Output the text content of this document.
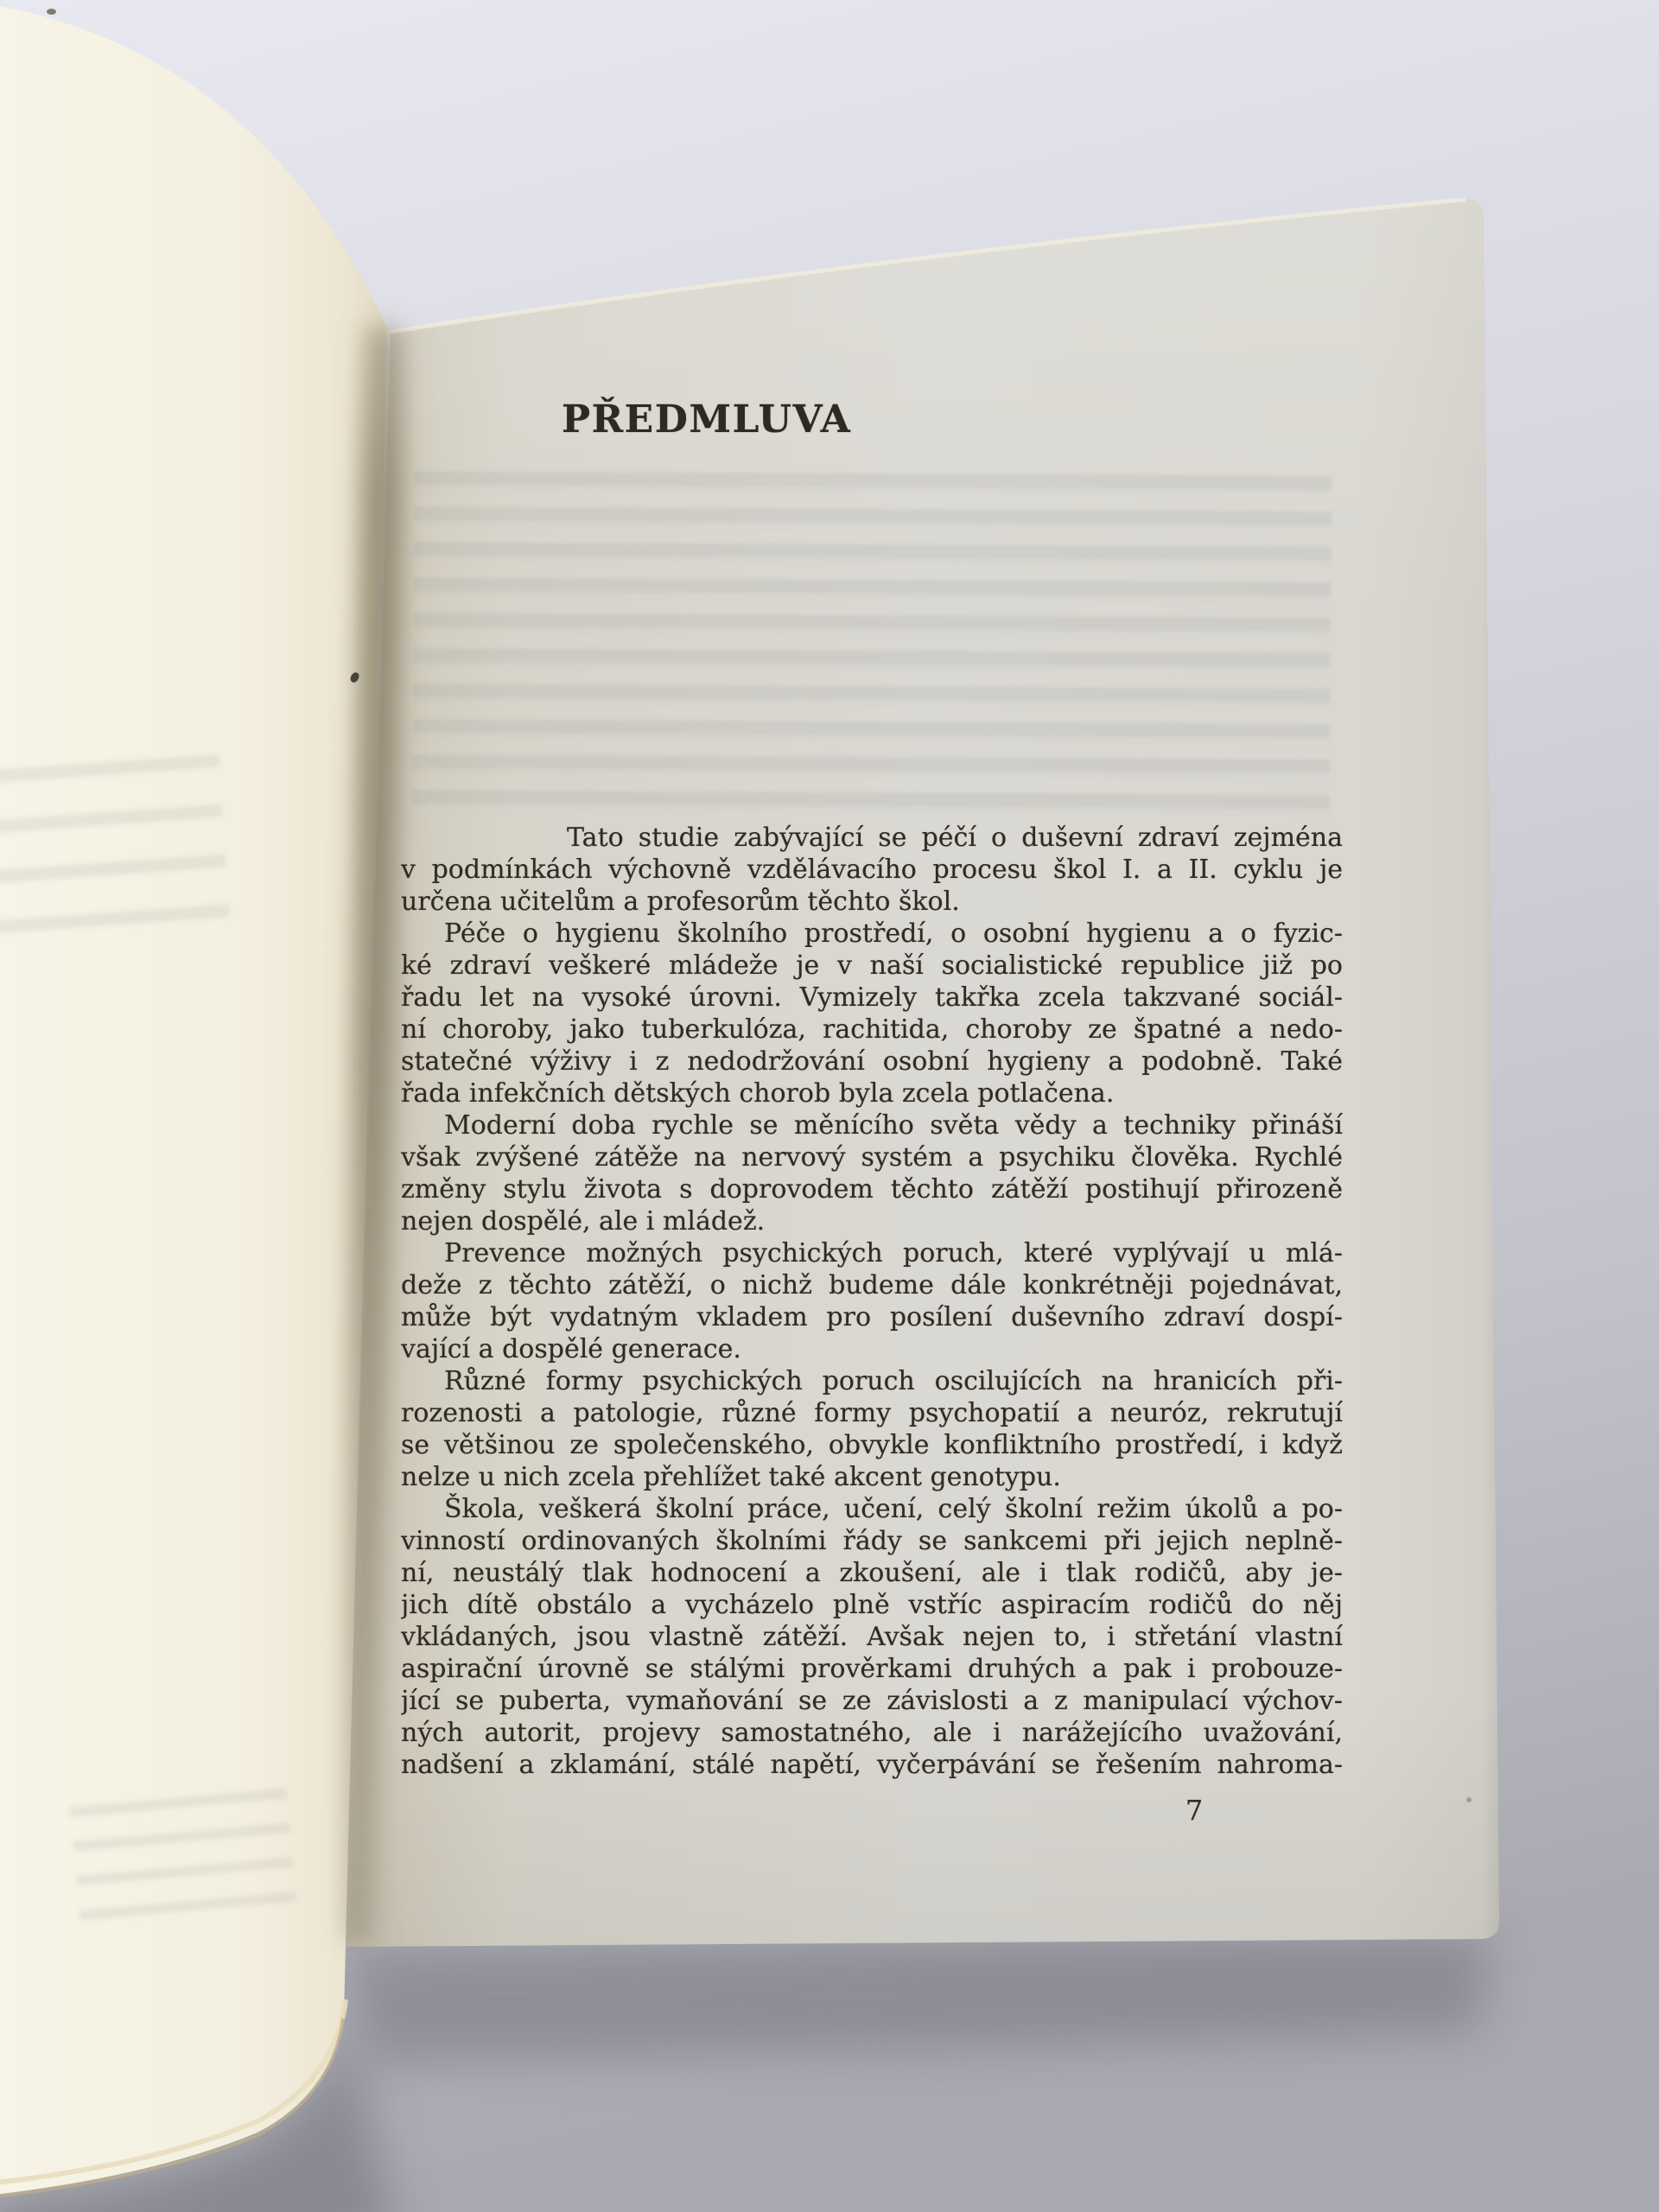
PŘEDMLUVA
Tato studie zabývající se péčí o duševní zdraví zejména
v podmínkách výchovně vzdělávacího procesu škol I. a II. cyklu je
určena učitelům a profesorům těchto škol.
Péče o hygienu školního prostředí, o osobní hygienu a o fyzic-
ké zdraví veškeré mládeže je v naší socialistické republice již po
řadu let na vysoké úrovni. Vymizely takřka zcela takzvané sociál-
ní choroby, jako tuberkulóza, rachitida, choroby ze špatné a nedo-
statečné výživy i z nedodržování osobní hygieny a podobně. Také
řada infekčních dětských chorob byla zcela potlačena.
Moderní doba rychle se měnícího světa vědy a techniky přináší
však zvýšené zátěže na nervový systém a psychiku člověka. Rychlé
změny stylu života s doprovodem těchto zátěží postihují přirozeně
nejen dospělé, ale i mládež.
Prevence možných psychických poruch, které vyplývají u mlá-
deže z těchto zátěží, o nichž budeme dále konkrétněji pojednávat,
může být vydatným vkladem pro posílení duševního zdraví dospí-
vající a dospělé generace.
Různé formy psychických poruch oscilujících na hranicích při-
rozenosti a patologie, různé formy psychopatií a neuróz, rekrutují
se většinou ze společenského, obvykle konfliktního prostředí, i když
nelze u nich zcela přehlížet také akcent genotypu.
Škola, veškerá školní práce, učení, celý školní režim úkolů a po-
vinností ordinovaných školními řády se sankcemi při jejich neplně-
ní, neustálý tlak hodnocení a zkoušení, ale i tlak rodičů, aby je-
jich dítě obstálo a vycházelo plně vstříc aspiracím rodičů do něj
vkládaných, jsou vlastně zátěží. Avšak nejen to, i střetání vlastní
aspirační úrovně se stálými prověrkami druhých a pak i probouze-
jící se puberta, vymaňování se ze závislosti a z manipulací výchov-
ných autorit, projevy samostatného, ale i narážejícího uvažování,
nadšení a zklamání, stálé napětí, vyčerpávání se řešením nahroma-
7
